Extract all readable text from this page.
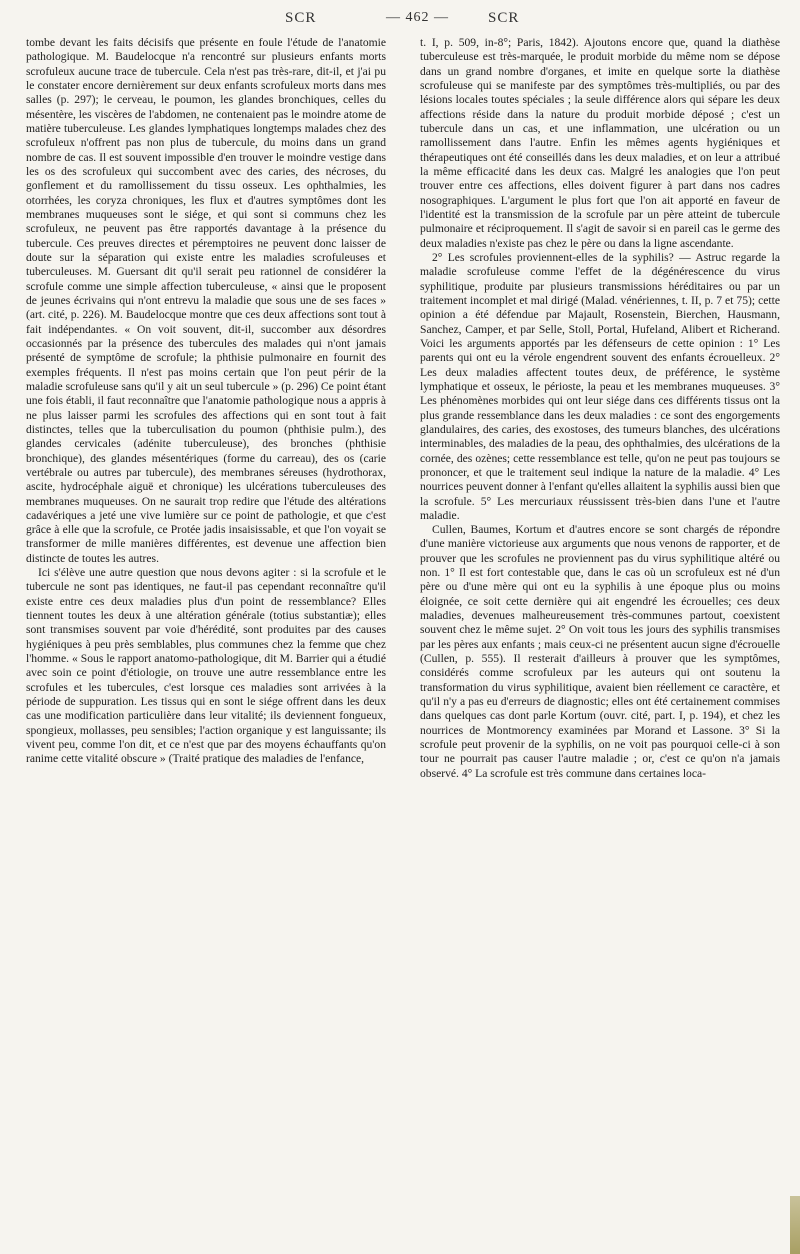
SCR	— 462 —	SCR

tombe devant les faits décisifs que présente en foule l'étude de l'anatomie pathologique. M. Baudelocque n'a rencontré sur plusieurs enfants morts scrofuleux aucune trace de tubercule. Cela n'est pas très-rare, dit-il, et j'ai pu le constater encore dernièrement sur deux enfants scrofuleux morts dans mes salles (p. 297); le cerveau, le poumon, les glandes bronchiques, celles du mésentère, les viscères de l'abdomen, ne contenaient pas le moindre atome de matière tuberculeuse. Les glandes lymphatiques longtemps malades chez des scrofuleux n'offrent pas non plus de tubercule, du moins dans un grand nombre de cas. Il est souvent impossible d'en trouver le moindre vestige dans les os des scrofuleux qui succombent avec des caries, des nécroses, du gonflement et du ramollissement du tissu osseux. Les ophthalmies, les otorrhées, les coryza chroniques, les flux et d'autres symptômes dont les membranes muqueuses sont le siége, et qui sont si communs chez les scrofuleux, ne peuvent pas être rapportés davantage à la présence du tubercule. Ces preuves directes et péremptoires ne peuvent donc laisser de doute sur la séparation qui existe entre les maladies scrofuleuses et tuberculeuses. M. Guersant dit qu'il serait peu rationnel de considérer la scrofule comme une simple affection tuberculeuse, « ainsi que le proposent de jeunes écrivains qui n'ont entrevu la maladie que sous une de ses faces » (art. cité, p. 226). M. Baudelocque montre que ces deux affections sont tout à fait indépendantes. « On voit souvent, dit-il, succomber aux désordres occasionnés par la présence des tubercules des malades qui n'ont jamais présenté de symptôme de scrofule; la phthisie pulmonaire en fournit des exemples fréquents. Il n'est pas moins certain que l'on peut périr de la maladie scrofuleuse sans qu'il y ait un seul tubercule » (p. 296) Ce point étant une fois établi, il faut reconnaître que l'anatomie pathologique nous a appris à ne plus laisser parmi les scrofules des affections qui en sont tout à fait distinctes, telles que la tuberculisation du poumon (phthisie pulm.), des glandes cervicales (adénite tuberculeuse), des bronches (phthisie bronchique), des glandes mésentériques (forme du carreau), des os (carie vertébrale ou autres par tubercule), des membranes séreuses (hydrothorax, ascite, hydrocéphale aiguë et chronique) les ulcérations tuberculeuses des membranes muqueuses. On ne saurait trop redire que l'étude des altérations cadavériques a jeté une vive lumière sur ce point de pathologie, et que c'est grâce à elle que la scrofule, ce Protée jadis insaisissable, et que l'on voyait se transformer de mille manières différentes, est devenue une affection bien distincte de toutes les autres.

Ici s'élève une autre question que nous devons agiter : si la scrofule et le tubercule ne sont pas identiques, ne faut-il pas cependant reconnaître qu'il existe entre ces deux maladies plus d'un point de ressemblance? Elles tiennent toutes les deux à une altération générale (totius substantiæ); elles sont transmises souvent par voie d'hérédité, sont produites par des causes hygiéniques à peu près semblables, plus communes chez la femme que chez l'homme. « Sous le rapport anatomo-pathologique, dit M. Barrier qui a étudié avec soin ce point d'étiologie, on trouve une autre ressemblance entre les scrofules et les tubercules, c'est lorsque ces maladies sont arrivées à la période de suppuration. Les tissus qui en sont le siége offrent dans les deux cas une modification particulière dans leur vitalité; ils deviennent fongueux, spongieux, mollasses, peu sensibles; l'action organique y est languissante; ils vivent peu, comme l'on dit, et ce n'est que par des moyens échauffants qu'on ranime cette vitalité obscure » (Traité pratique des maladies de l'enfance,

t. I, p. 509, in-8°; Paris, 1842). Ajoutons encore que, quand la diathèse tuberculeuse est très-marquée, le produit morbide du même nom se dépose dans un grand nombre d'organes, et imite en quelque sorte la diathèse scrofuleuse qui se manifeste par des symptômes très-multipliés, ou par des lésions locales toutes spéciales ; la seule différence alors qui sépare les deux affections réside dans la nature du produit morbide déposé ; c'est un tubercule dans un cas, et une inflammation, une ulcération ou un ramollissement dans l'autre. Enfin les mêmes agents hygiéniques et thérapeutiques ont été conseillés dans les deux maladies, et on leur a attribué la même efficacité dans les deux cas. Malgré les analogies que l'on peut trouver entre ces affections, elles doivent figurer à part dans nos cadres nosographiques. L'argument le plus fort que l'on ait apporté en faveur de l'identité est la transmission de la scrofule par un père atteint de tubercule pulmonaire et réciproquement. Il s'agit de savoir si en pareil cas le germe des deux maladies n'existe pas chez le père ou dans la ligne ascendante.

2° Les scrofules proviennent-elles de la syphilis? — Astruc regarde la maladie scrofuleuse comme l'effet de la dégénérescence du virus syphilitique, produite par plusieurs transmissions héréditaires ou par un traitement incomplet et mal dirigé (Malad. vénériennes, t. II, p. 7 et 75); cette opinion a été défendue par Majault, Rosenstein, Bierchen, Hausmann, Sanchez, Camper, et par Selle, Stoll, Portal, Hufeland, Alibert et Richerand. Voici les arguments apportés par les défenseurs de cette opinion : 1° Les parents qui ont eu la vérole engendrent souvent des enfants écrouelleux. 2° Les deux maladies affectent toutes deux, de préférence, le système lymphatique et osseux, le périoste, la peau et les membranes muqueuses. 3° Les phénomènes morbides qui ont leur siége dans ces différents tissus ont la plus grande ressemblance dans les deux maladies : ce sont des engorgements glandulaires, des caries, des exostoses, des tumeurs blanches, des ulcérations interminables, des maladies de la peau, des ophthalmies, des ulcérations de la cornée, des ozènes; cette ressemblance est telle, qu'on ne peut pas toujours se prononcer, et que le traitement seul indique la nature de la maladie. 4° Les nourrices peuvent donner à l'enfant qu'elles allaitent la syphilis aussi bien que la scrofule. 5° Les mercuriaux réussissent très-bien dans l'une et l'autre maladie.

Cullen, Baumes, Kortum et d'autres encore se sont chargés de répondre d'une manière victorieuse aux arguments que nous venons de rapporter, et de prouver que les scrofules ne proviennent pas du virus syphilitique altéré ou non. 1° Il est fort contestable que, dans le cas où un scrofuleux est né d'un père ou d'une mère qui ont eu la syphilis à une époque plus ou moins éloignée, ce soit cette dernière qui ait engendré les écrouelles; ces deux maladies, devenues malheureusement très-communes partout, coexistent souvent chez le même sujet. 2° On voit tous les jours des syphilis transmises par les pères aux enfants ; mais ceux-ci ne présentent aucun signe d'écrouelle (Cullen, p. 555). Il resterait d'ailleurs à prouver que les symptômes, considérés comme scrofuleux par les auteurs qui ont soutenu la transformation du virus syphilitique, avaient bien réellement ce caractère, et qu'il n'y a pas eu d'erreurs de diagnostic; elles ont été certainement commises dans quelques cas dont parle Kortum (ouvr. cité, part. I, p. 194), et chez les nourrices de Montmorency examinées par Morand et Lassone. 3° Si la scrofule peut provenir de la syphilis, on ne voit pas pourquoi celle-ci à son tour ne pourrait pas causer l'autre maladie ; or, c'est ce qu'on n'a jamais observé. 4° La scrofule est très commune dans certaines loca-
